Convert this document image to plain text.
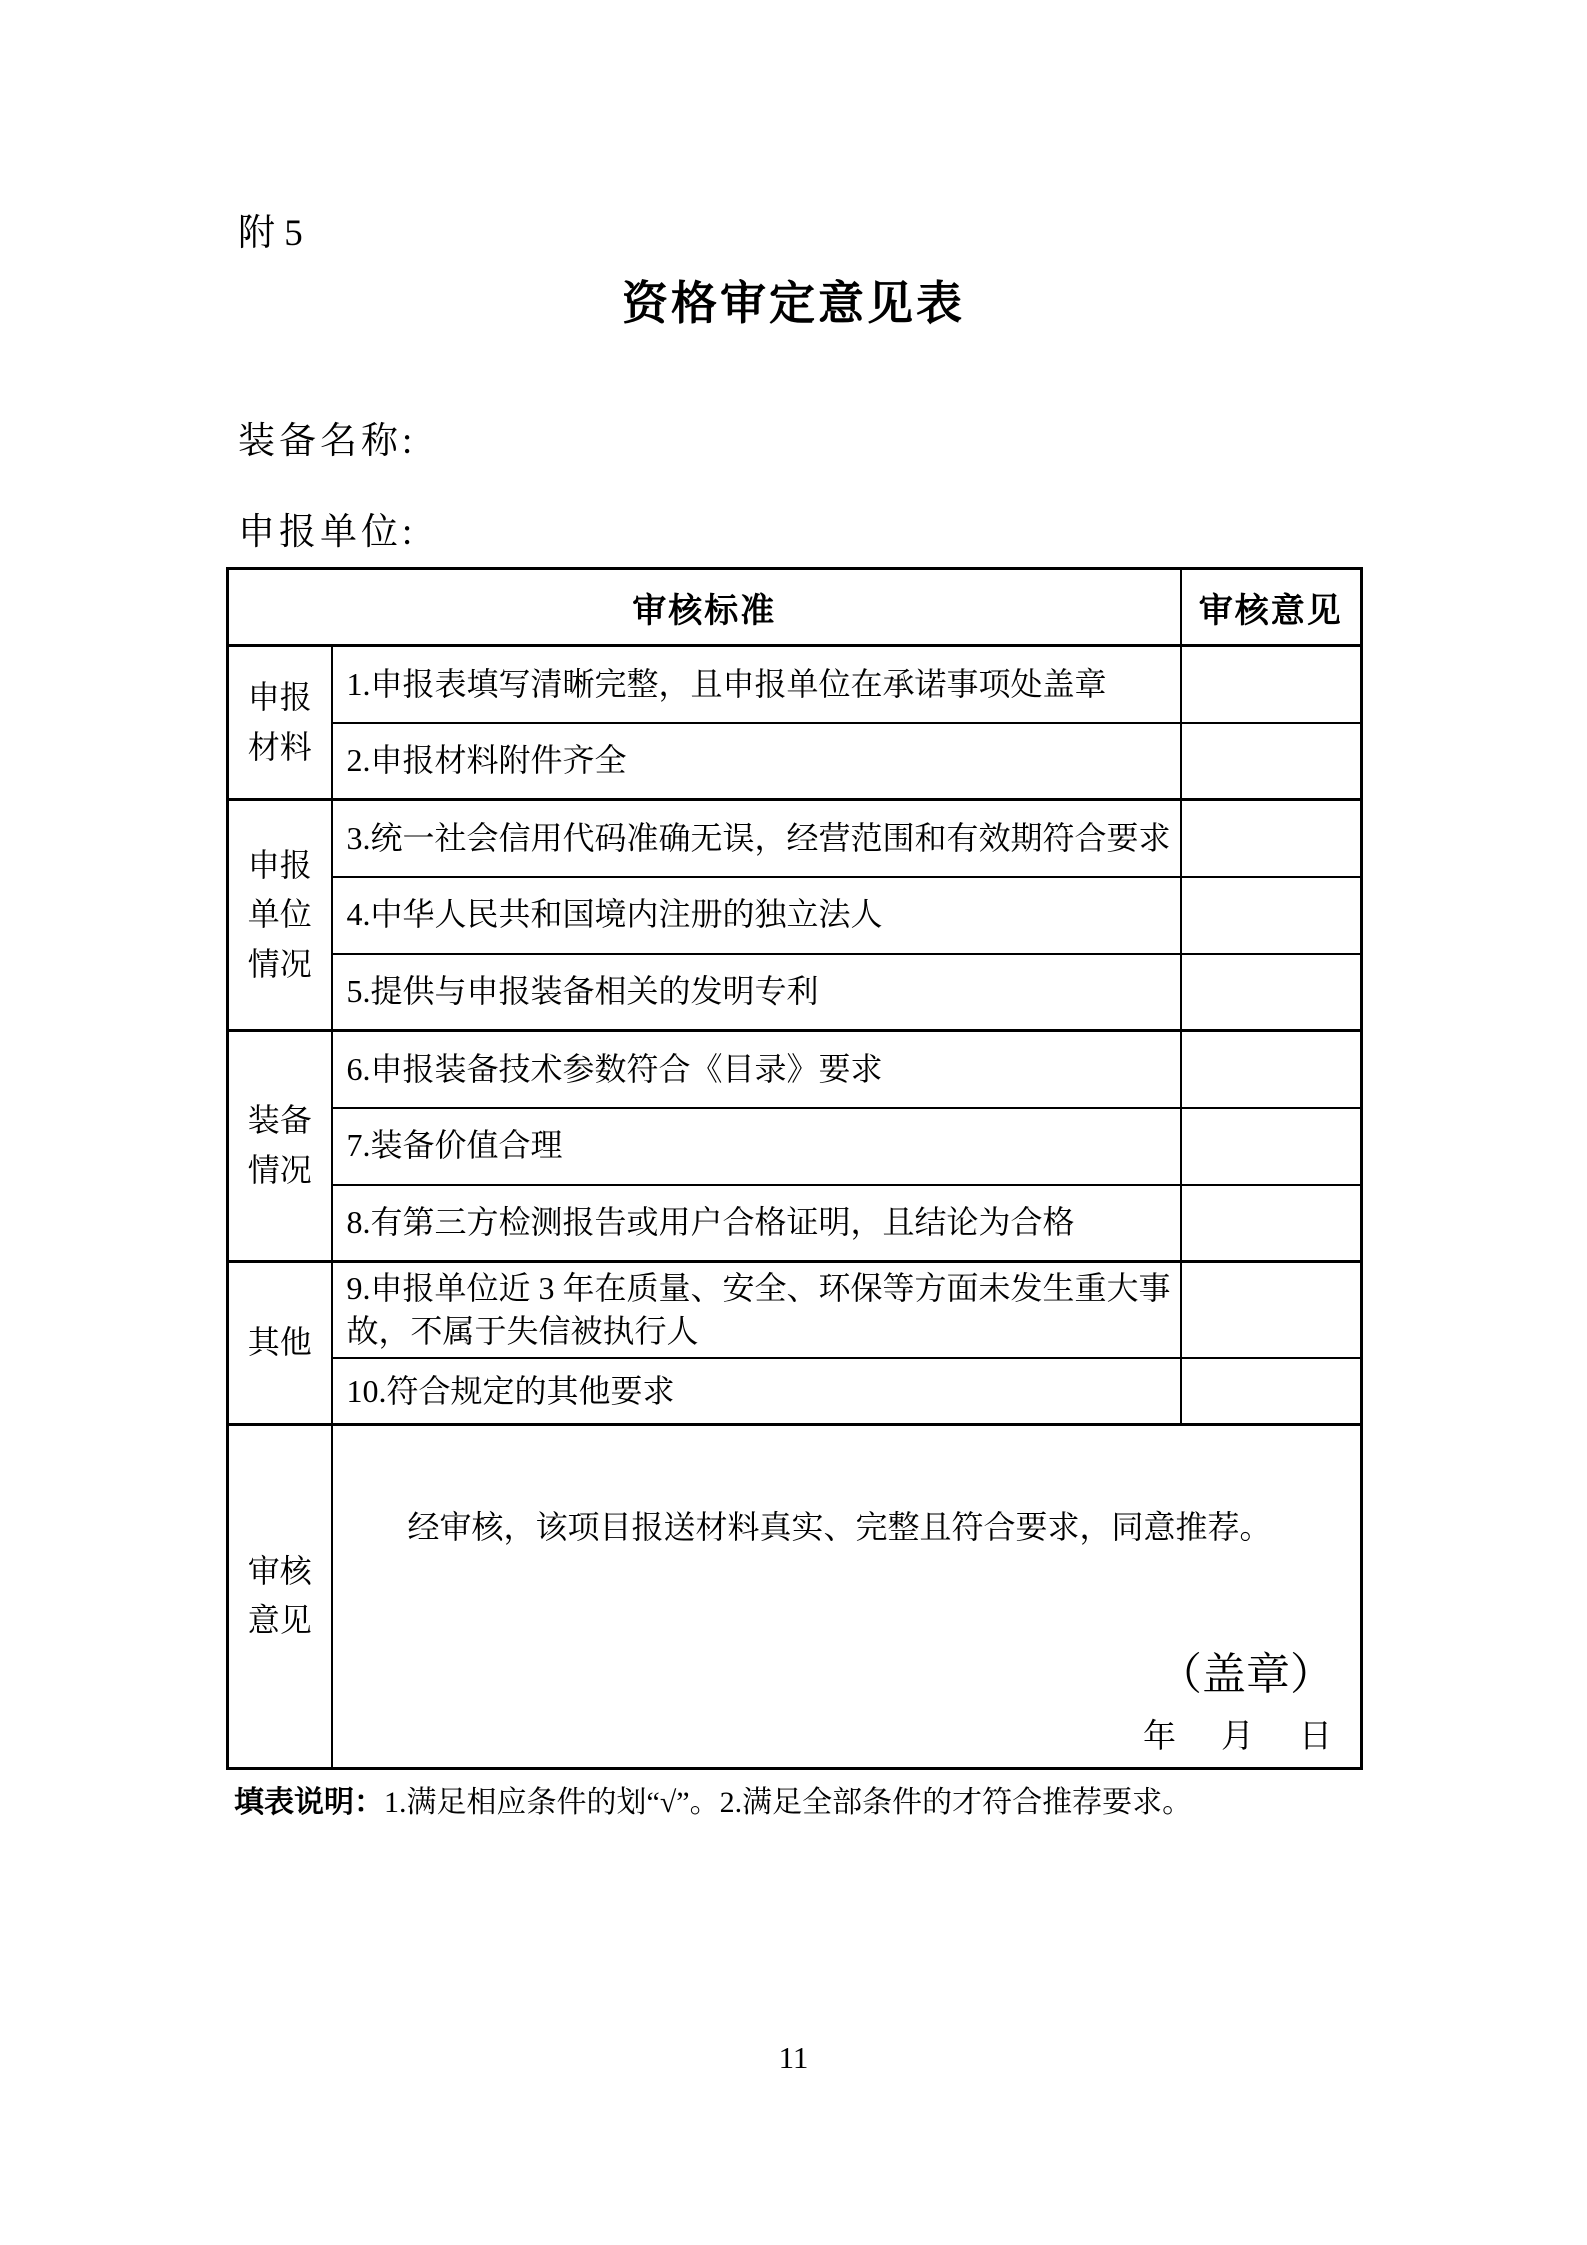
附 5
资格审定意见表
装备名称:
申报单位:
审核标准		审核意见
申报材料	1.申报表填写清晰完整，且申报单位在承诺事项处盖章	
	2.申报材料附件齐全	
申报单位情况	3.统一社会信用代码准确无误，经营范围和有效期符合要求	
	4.中华人民共和国境内注册的独立法人	
	5.提供与申报装备相关的发明专利	
装备情况	6.申报装备技术参数符合《目录》要求	
	7.装备价值合理	
	8.有第三方检测报告或用户合格证明，且结论为合格	
其他	9.申报单位近 3 年在质量、安全、环保等方面未发生重大事故，不属于失信被执行人	
	10.符合规定的其他要求	
审核意见	经审核，该项目报送材料真实、完整且符合要求，同意推荐。
（盖章）
年　月　日	
填表说明：1.满足相应条件的划“√”。2.满足全部条件的才符合推荐要求。
11
